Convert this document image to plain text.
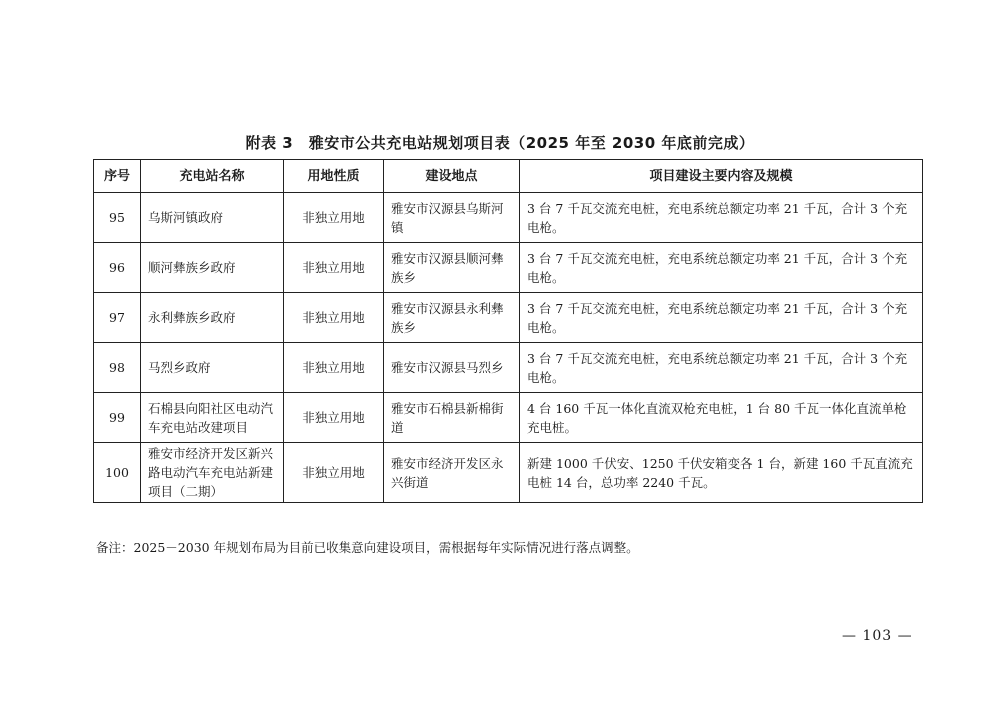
附表 3　雅安市公共充电站规划项目表（2025 年至 2030 年底前完成）
序号	充电站名称	用地性质	建设地点	项目建设主要内容及规模
95	乌斯河镇政府	非独立用地	雅安市汉源县乌斯河镇	3 台 7 千瓦交流充电桩，充电系统总额定功率 21 千瓦，合计 3 个充电枪。
96	顺河彝族乡政府	非独立用地	雅安市汉源县顺河彝族乡	3 台 7 千瓦交流充电桩，充电系统总额定功率 21 千瓦，合计 3 个充电枪。
97	永利彝族乡政府	非独立用地	雅安市汉源县永利彝族乡	3 台 7 千瓦交流充电桩，充电系统总额定功率 21 千瓦，合计 3 个充电枪。
98	马烈乡政府	非独立用地	雅安市汉源县马烈乡	3 台 7 千瓦交流充电桩，充电系统总额定功率 21 千瓦，合计 3 个充电枪。
99	石棉县向阳社区电动汽车充电站改建项目	非独立用地	雅安市石棉县新棉街道	4 台 160 千瓦一体化直流双枪充电桩，1 台 80 千瓦一体化直流单枪充电桩。
100	雅安市经济开发区新兴路电动汽车充电站新建项目（二期）	非独立用地	雅安市经济开发区永兴街道	新建 1000 千伏安、1250 千伏安箱变各 1 台，新建 160 千瓦直流充电桩 14 台，总功率 2240 千瓦。
备注：2025－2030 年规划布局为目前已收集意向建设项目，需根据每年实际情况进行落点调整。
— 103 —
